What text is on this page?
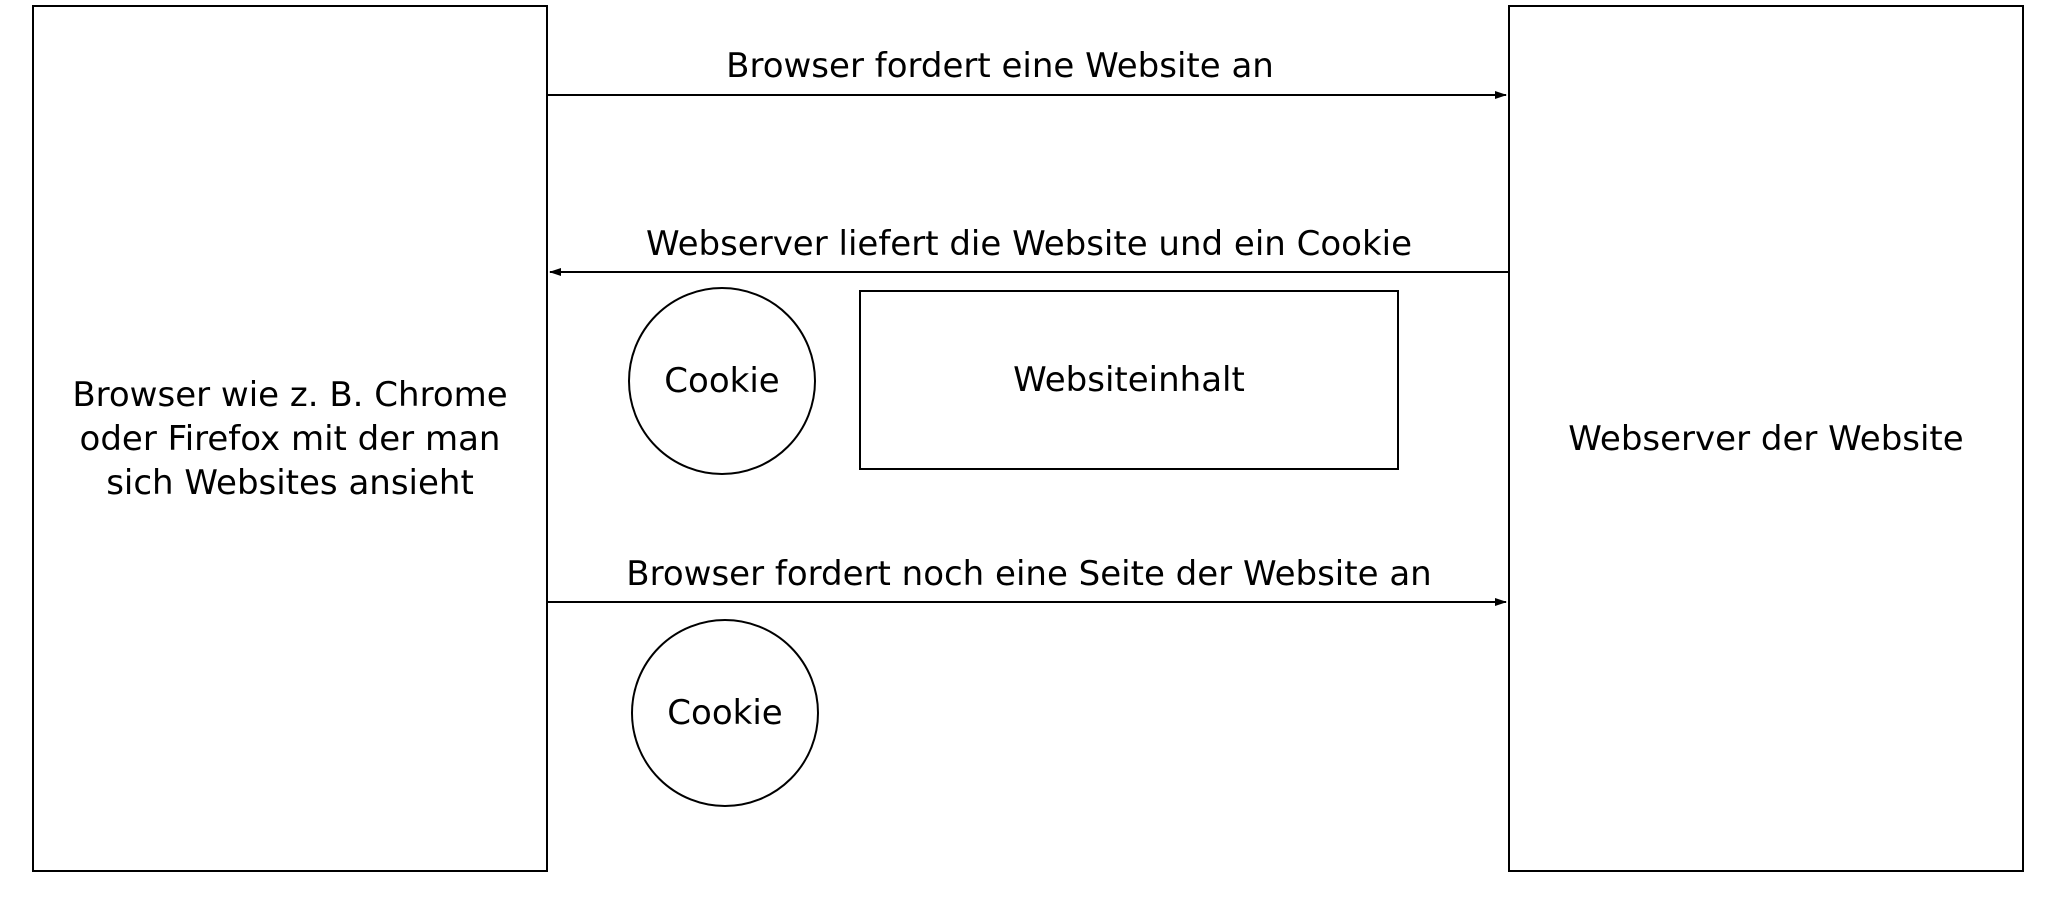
Browser wie z. B. Chrome oder Firefox mit der man sich Websites ansieht
Webserver der Website
Browser fordert eine Website an
Webserver liefert die Website und ein Cookie
Browser fordert noch eine Seite der Website an
Cookie	Websiteinhalt
Cookie
